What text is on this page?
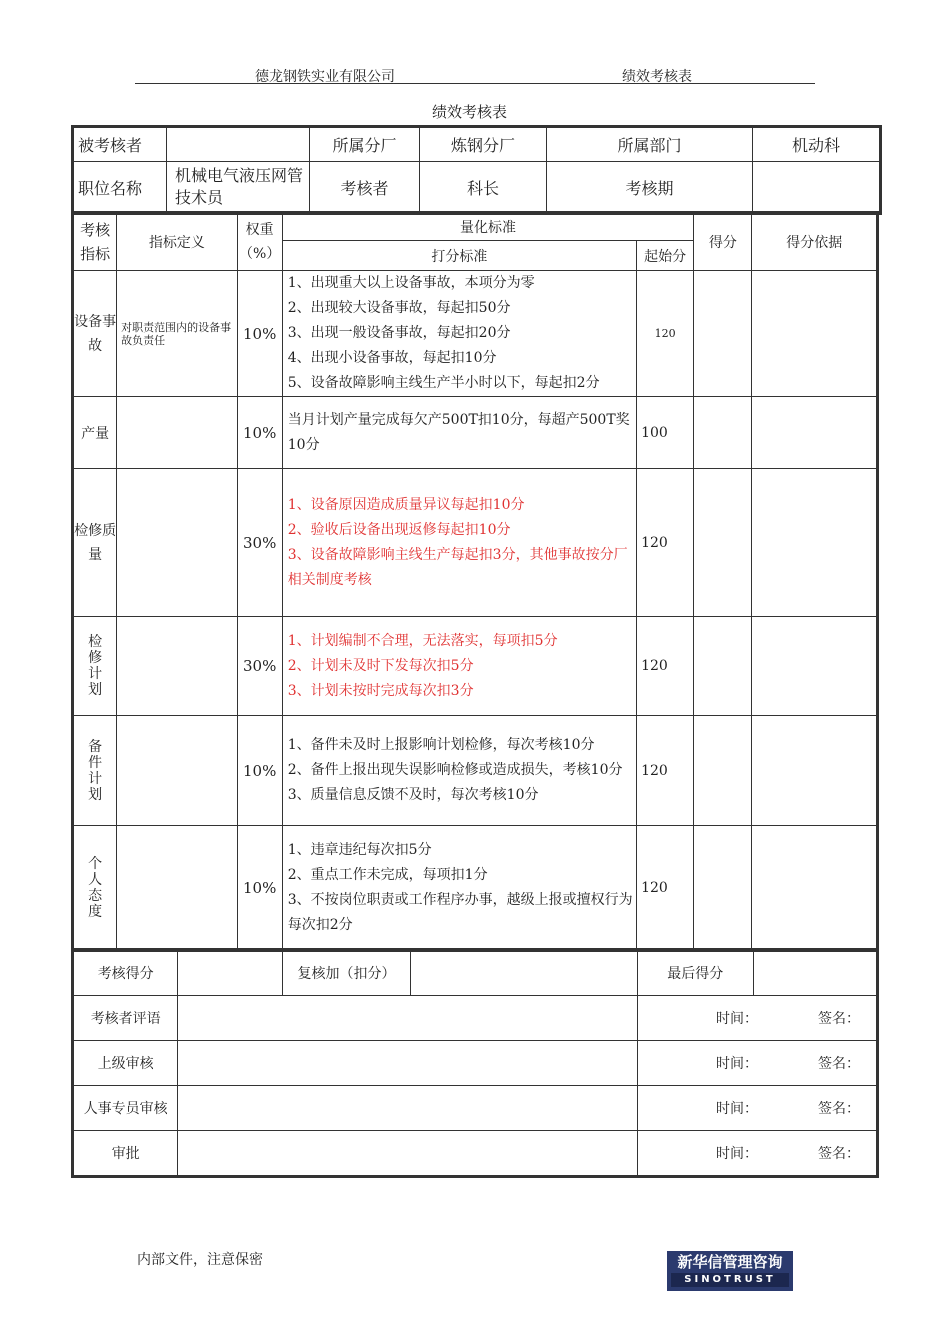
德龙钢铁实业有限公司	绩效考核表
绩效考核表
被考核者		所属分厂	炼钢分厂	所属部门	机动科
职位名称	机械电气液压网管技术员	考核者	科长	考核期	
考核指标	指标定义	权重（%）	量化标准		得分	得分依据
			打分标准	起始分		
设备事故	对职责范围内的设备事故负责任	10%	1、出现重大以上设备事故，本项分为零
2、出现较大设备事故，每起扣50分
3、出现一般设备事故，每起扣20分
4、出现小设备事故，每起扣10分
5、设备故障影响主线生产半小时以下，每起扣2分	120		
产量		10%	当月计划产量完成每欠产500T扣10分，每超产500T奖10分	100		
检修质量		30%	1、设备原因造成质量异议每起扣10分
2、验收后设备出现返修每起扣10分
3、设备故障影响主线生产每起扣3分，其他事故按分厂相关制度考核	120		
检修计划		30%	1、计划编制不合理，无法落实，每项扣5分
2、计划未及时下发每次扣5分
3、计划未按时完成每次扣3分	120		
备件计划		10%	1、备件未及时上报影响计划检修，每次考核10分
2、备件上报出现失误影响检修或造成损失，考核10分
3、质量信息反馈不及时，每次考核10分	120		
个人态度		10%	1、违章违纪每次扣5分
2、重点工作未完成，每项扣1分
3、不按岗位职责或工作程序办事，越级上报或擅权行为每次扣2分	120		
考核得分		复核加（扣分）		最后得分	
考核者评语				时间： 签名：	
上级审核				时间： 签名：	
人事专员审核				时间： 签名：	
审批				时间： 签名：	
内部文件，注意保密	新华信管理咨询
SINOTRUST
